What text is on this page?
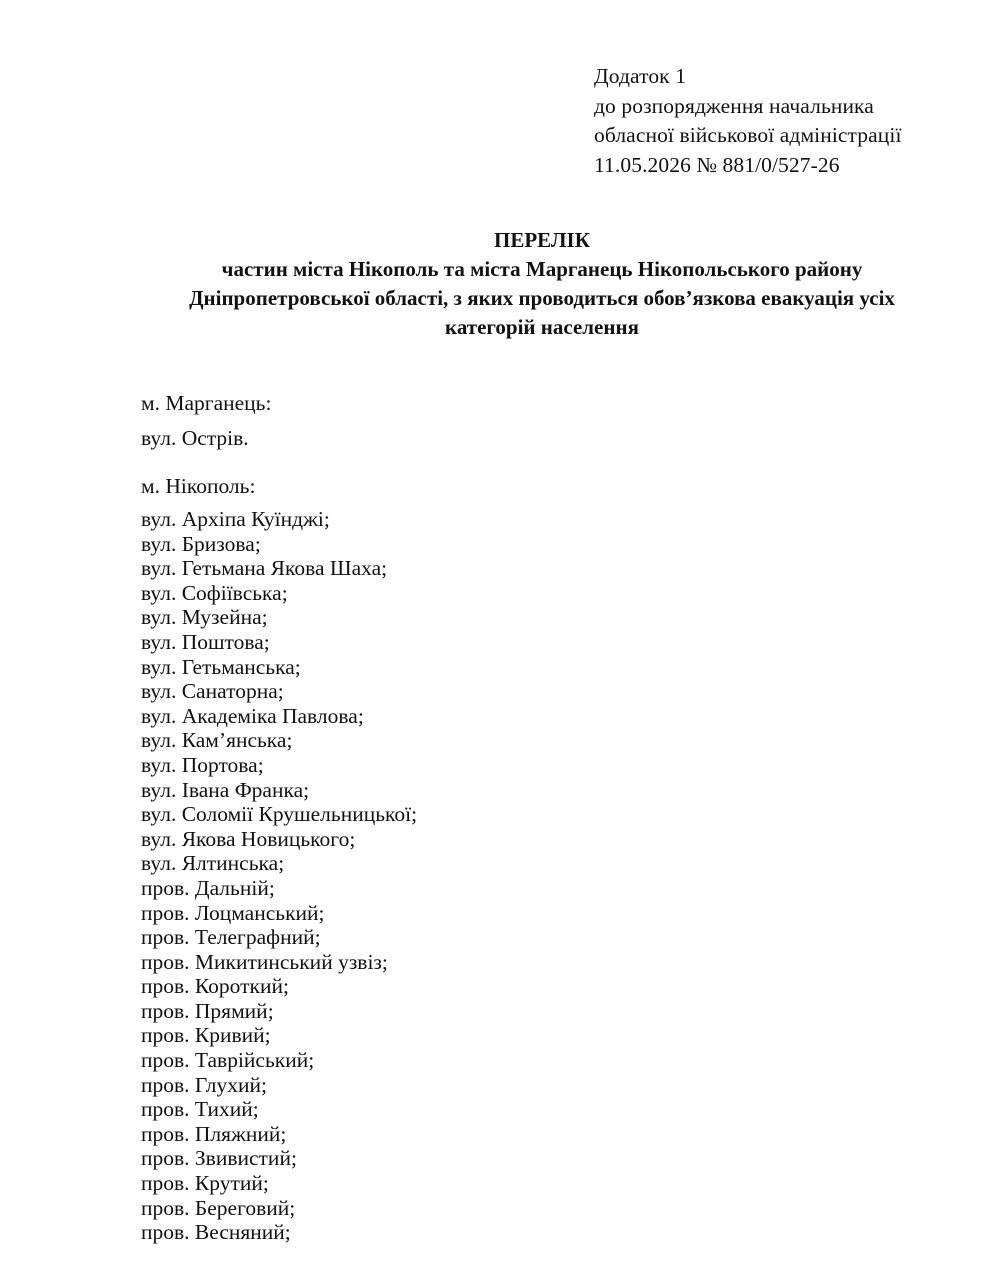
Додаток 1
до розпорядження начальника
обласної військової адміністрації
11.05.2026 № 881/0/527-26
ПЕРЕЛІК
частин міста Нікополь та міста Марганець Нікопольського району
Дніпропетровської області, з яких проводиться обов’язкова евакуація усіх
категорій населення
м. Марганець:
вул. Острів.
м. Нікополь:
вул. Архіпа Куїнджі;
вул. Бризова;
вул. Гетьмана Якова Шаха;
вул. Софіївська;
вул. Музейна;
вул. Поштова;
вул. Гетьманська;
вул. Санаторна;
вул. Академіка Павлова;
вул. Кам’янська;
вул. Портова;
вул. Івана Франка;
вул. Соломії Крушельницької;
вул. Якова Новицького;
вул. Ялтинська;
пров. Дальній;
пров. Лоцманський;
пров. Телеграфний;
пров. Микитинський узвіз;
пров. Короткий;
пров. Прямий;
пров. Кривий;
пров. Таврійський;
пров. Глухий;
пров. Тихий;
пров. Пляжний;
пров. Звивистий;
пров. Крутий;
пров. Береговий;
пров. Весняний;
